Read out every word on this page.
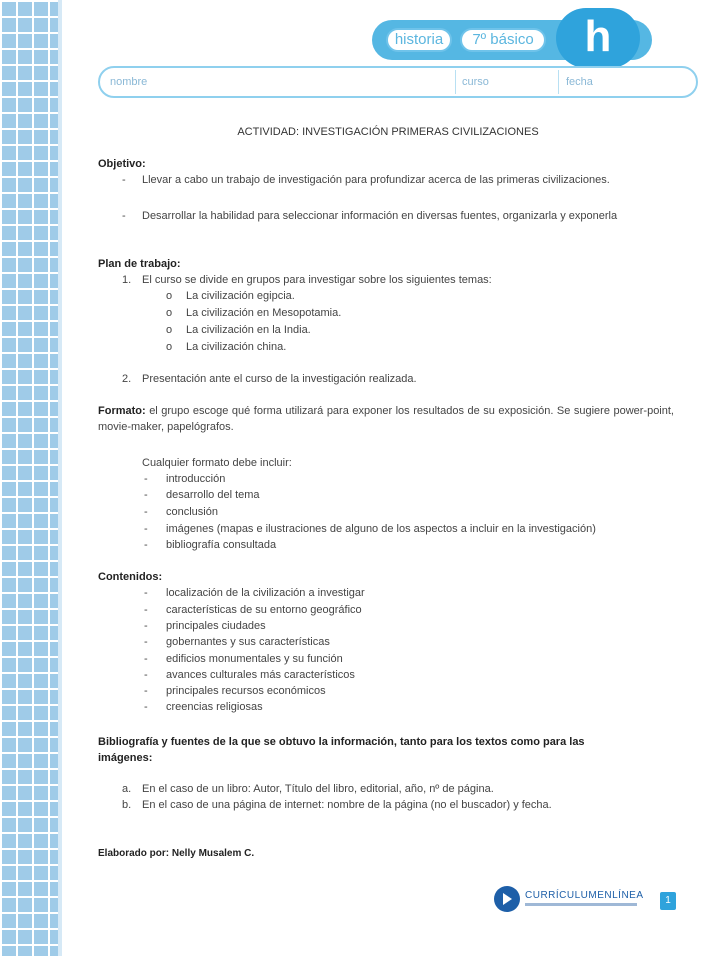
historia	7º básico	h
nombre	curso	fecha
ACTIVIDAD: INVESTIGACIÓN PRIMERAS CIVILIZACIONES
Objetivo:
- Llevar a cabo un trabajo de investigación para profundizar acerca de las primeras civilizaciones.
- Desarrollar la habilidad para seleccionar información en diversas fuentes, organizarla y exponerla
Plan de trabajo:
1. El curso se divide en grupos para investigar sobre los siguientes temas:
o La civilización egipcia.
o La civilización en Mesopotamia.
o La civilización en la India.
o La civilización china.
2. Presentación ante el curso de la investigación realizada.
Formato: el grupo escoge qué forma utilizará para exponer los resultados de su exposición. Se sugiere power-point, movie-maker, papelógrafos.
Cualquier formato debe incluir:
- introducción
- desarrollo del tema
- conclusión
- imágenes (mapas e ilustraciones de alguno de los aspectos a incluir en la investigación)
- bibliografía consultada
Contenidos:
- localización de la civilización a investigar
- características de su entorno geográfico
- principales ciudades
- gobernantes y sus características
- edificios monumentales y su función
- avances culturales más característicos
- principales recursos económicos
- creencias religiosas
Bibliografía y fuentes de la que se obtuvo la información, tanto para los textos como para las imágenes:
a. En el caso de un libro: Autor, Título del libro, editorial, año, nº de página.
b. En el caso de una página de internet: nombre de la página (no el buscador) y fecha.
Elaborado por: Nelly Musalem C.
CURRÍCULUMENLÍNEA	1
